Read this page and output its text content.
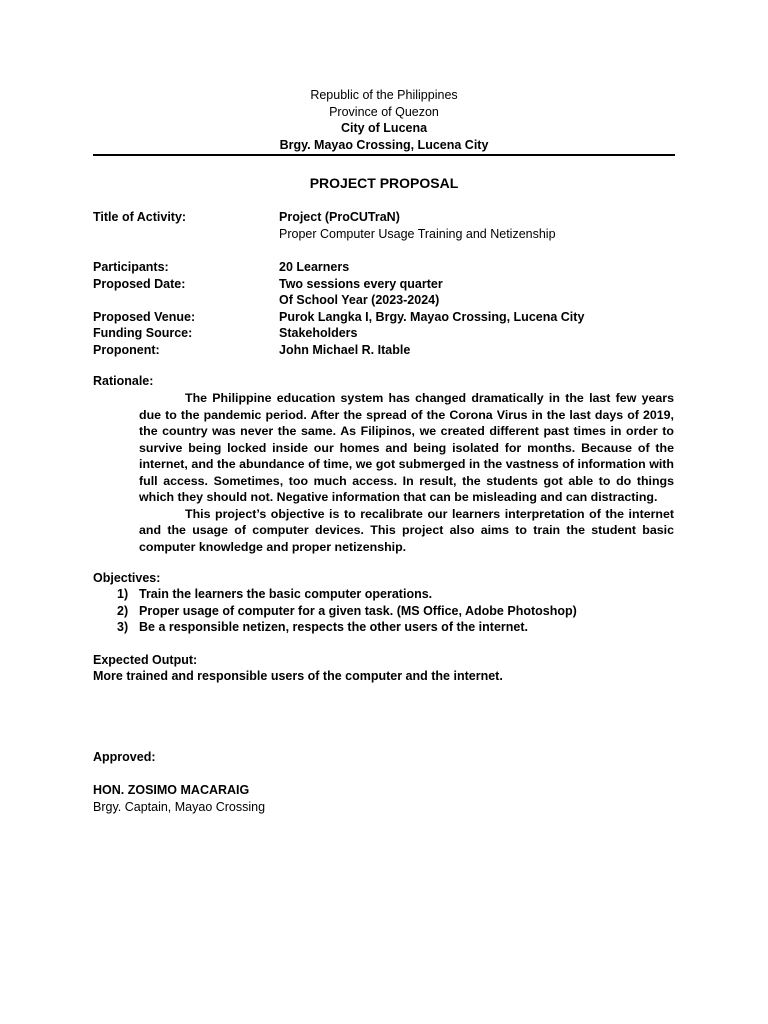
Republic of the Philippines
Province of Quezon
City of Lucena
Brgy. Mayao Crossing, Lucena City
PROJECT PROPOSAL
Title of Activity:	Project (ProCUTraN)
Proper Computer Usage Training and Netizenship
Participants:	20 Learners
Proposed Date:	Two sessions every quarter
Of School Year (2023-2024)
Proposed Venue:	Purok Langka I, Brgy. Mayao Crossing, Lucena City
Funding Source:	Stakeholders
Proponent:	John Michael R. Itable
Rationale:

The Philippine education system has changed dramatically in the last few years due to the pandemic period. After the spread of the Corona Virus in the last days of 2019, the country was never the same. As Filipinos, we created different past times in order to survive being locked inside our homes and being isolated for months. Because of the internet, and the abundance of time, we got submerged in the vastness of information with full access. Sometimes, too much access. In result, the students got able to do things which they should not. Negative information that can be misleading and can distracting.

This project’s objective is to recalibrate our learners interpretation of the internet and the usage of computer devices. This project also aims to train the student basic computer knowledge and proper netizenship.

Objectives:
1) Train the learners the basic computer operations.
2) Proper usage of computer for a given task. (MS Office, Adobe Photoshop)
3) Be a responsible netizen, respects the other users of the internet.
Expected Output:
More trained and responsible users of the computer and the internet.
Approved:
HON. ZOSIMO MACARAIG
Brgy. Captain, Mayao Crossing
